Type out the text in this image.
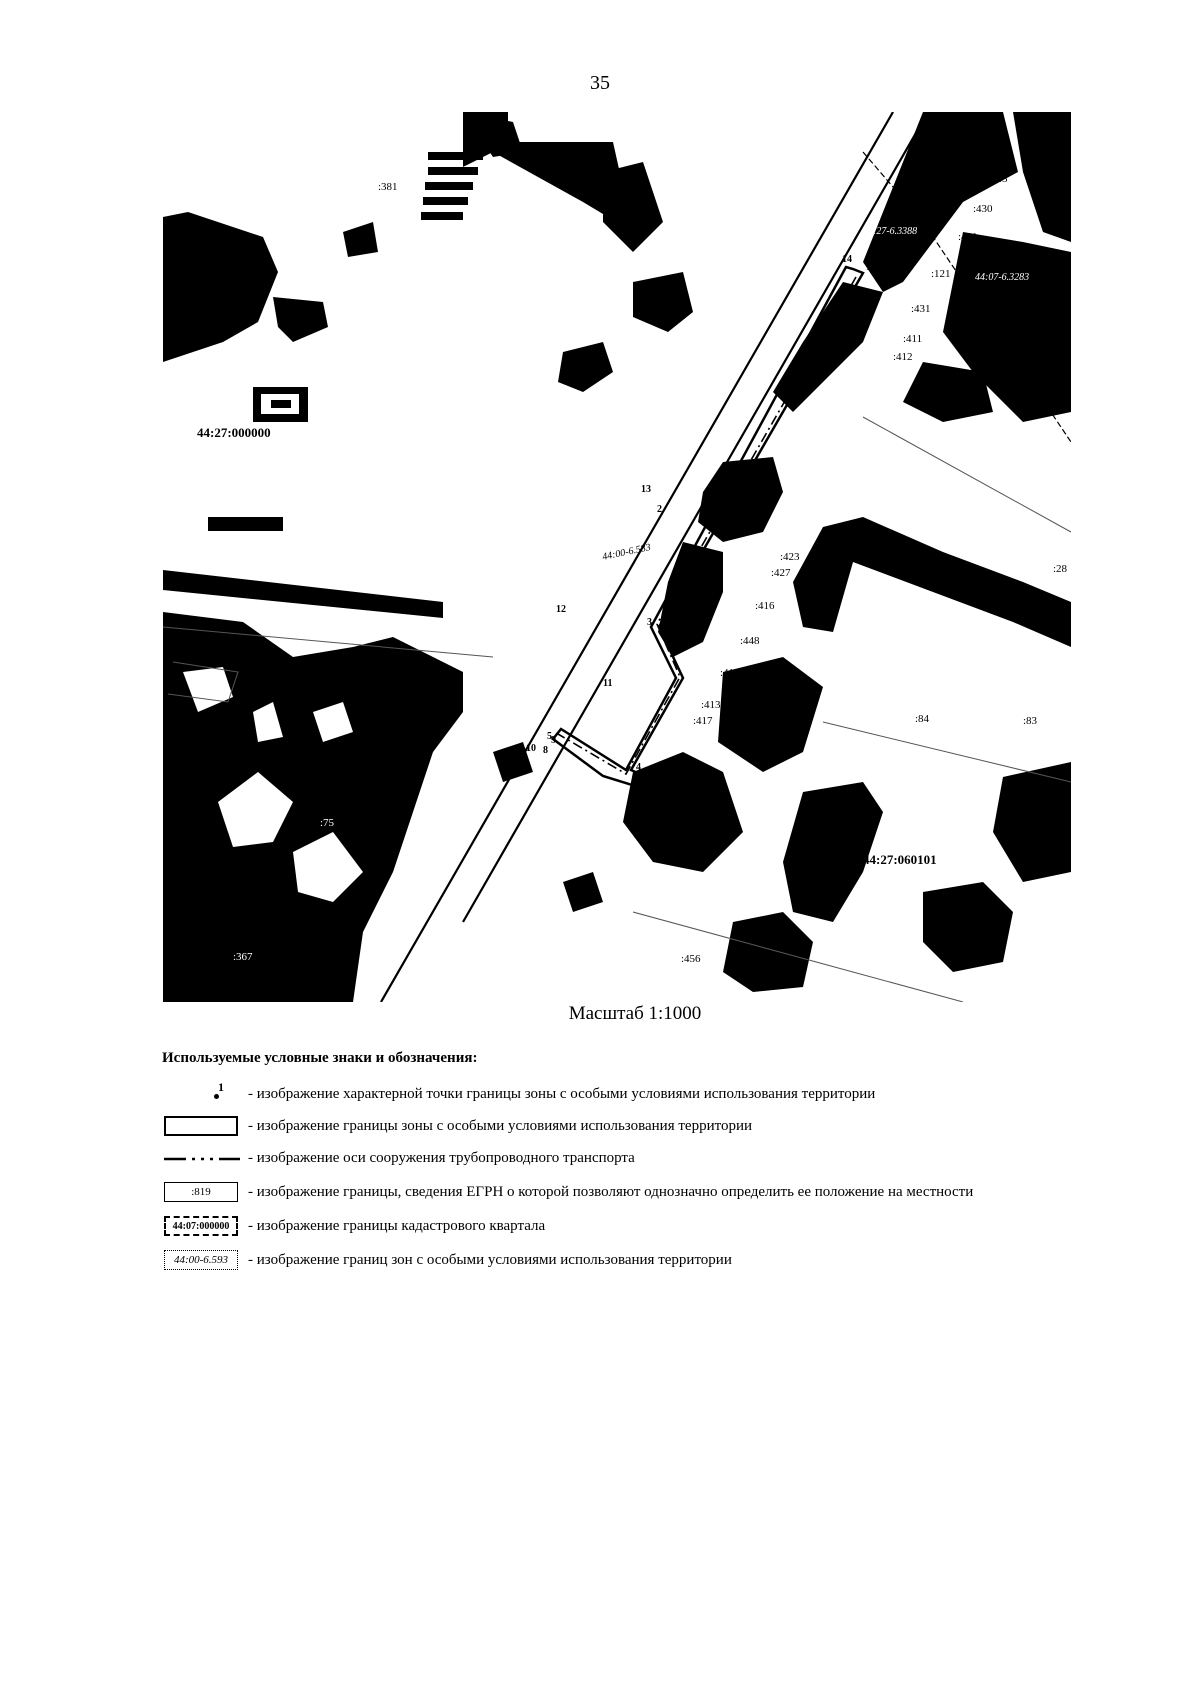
35
:381
:75
:367
:84	:83
:28
:456
:417
:413
:414
:448
:416
:427
:423
:412
:411
:431	:122
:121
:401
:430
:445
:801
:509
44:27:000000
44:27:060101
44:00-6.583
44:27-6.3388
44:07-6.3283
1
2
3
4
5
6
7
8
9
10
11
12
13
14
Масштаб 1:1000
Используемые условные знаки и обозначения:
1 - изображение характерной точки границы зоны с особыми условиями использования территории
- изображение границы зоны с особыми условиями использования территории
- изображение оси сооружения трубопроводного транспорта
:819	- изображение границы, сведения ЕГРН о которой позволяют однозначно определить ее положение на местности
44:07:000000	- изображение границы кадастрового квартала
44:00-6.593	- изображение границ зон с особыми условиями использования территории
